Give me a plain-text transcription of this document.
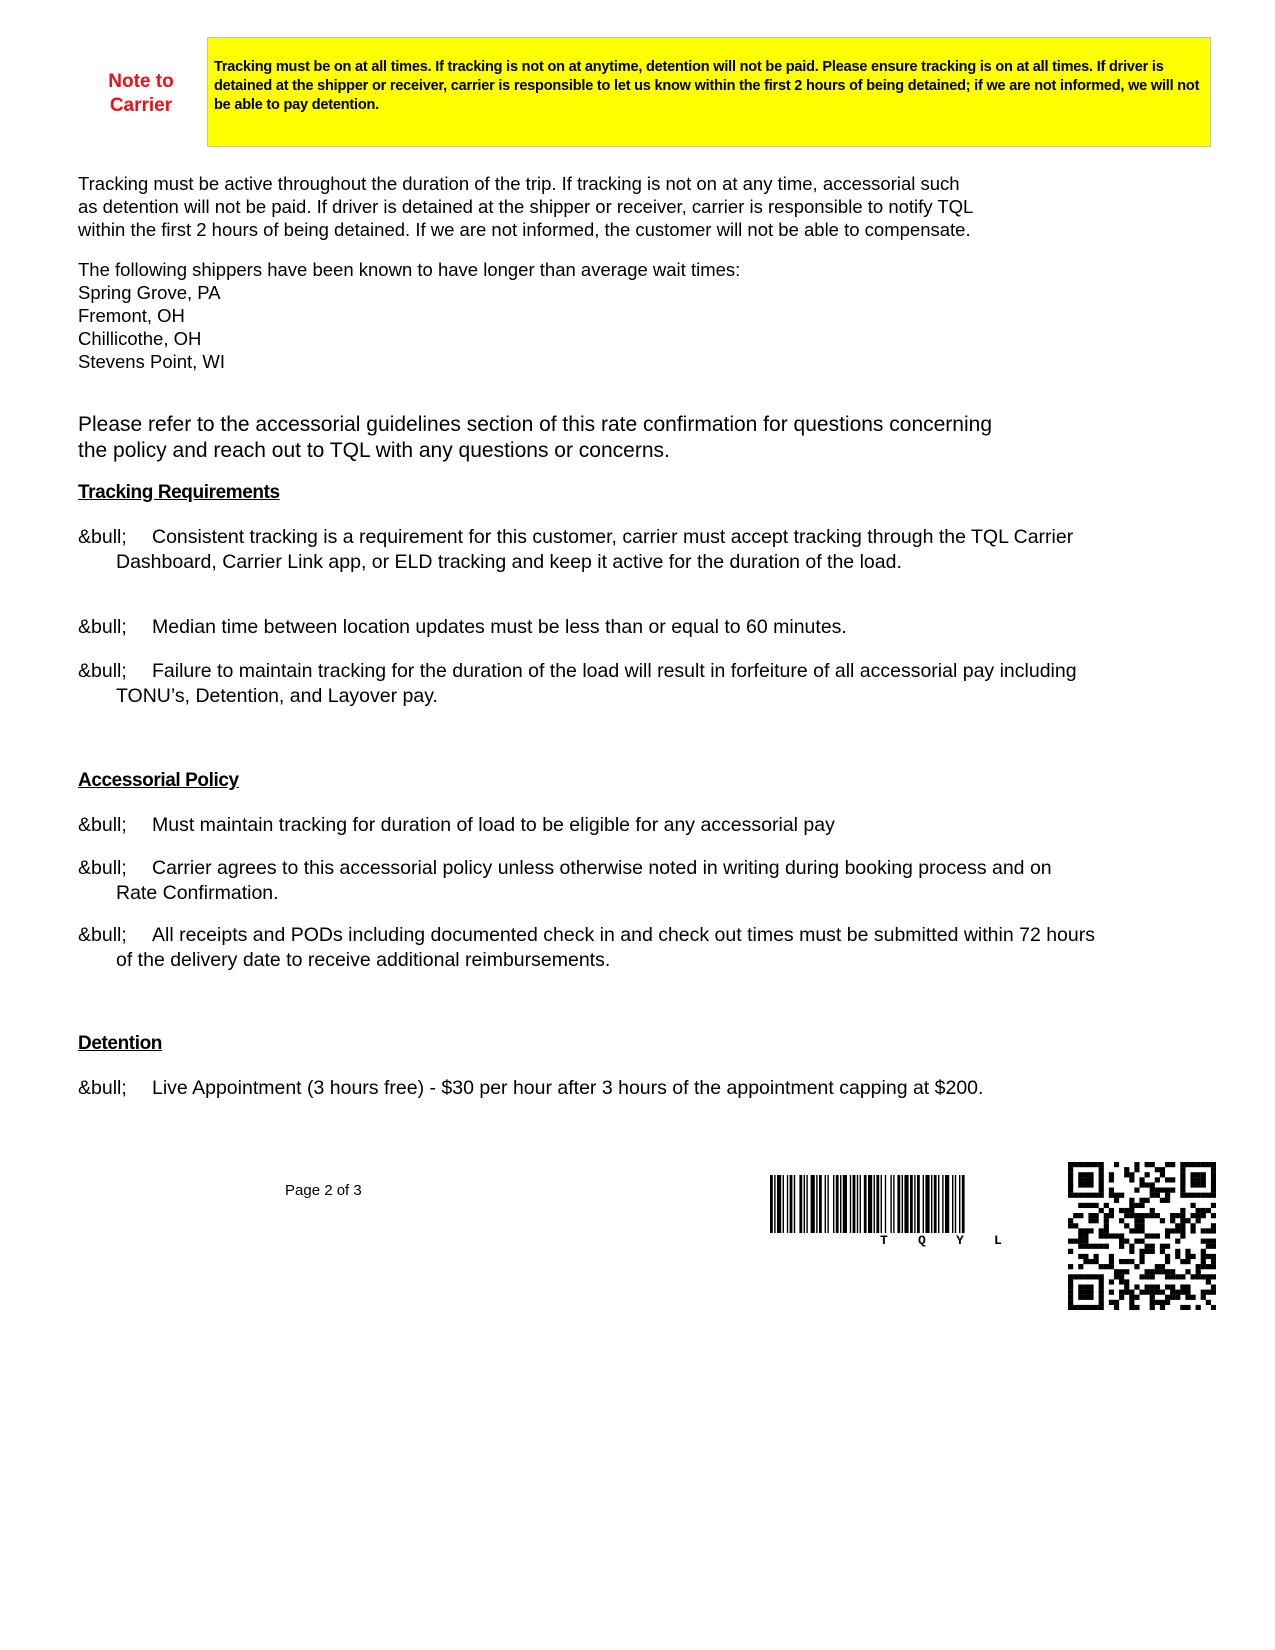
Note to
Carrier
Tracking must be on at all times. If tracking is not on at anytime, detention will not be paid. Please ensure tracking is on at all times. If driver is detained at the shipper or receiver, carrier is responsible to let us know within the first 2 hours of being detained; if we are not informed, we will not be able to pay detention.

Tracking must be active throughout the duration of the trip. If tracking is not on at any time, accessorial such
as detention will not be paid. If driver is detained at the shipper or receiver, carrier is responsible to notify TQL
within the first 2 hours of being detained. If we are not informed, the customer will not be able to compensate.

The following shippers have been known to have longer than average wait times:
Spring Grove, PA
Fremont, OH
Chillicothe, OH
Stevens Point, WI

Please refer to the accessorial guidelines section of this rate confirmation for questions concerning
the policy and reach out to TQL with any questions or concerns.

Tracking Requirements
&bull; Consistent tracking is a requirement for this customer, carrier must accept tracking through the TQL Carrier Dashboard, Carrier Link app, or ELD tracking and keep it active for the duration of the load.
&bull; Median time between location updates must be less than or equal to 60 minutes.
&bull; Failure to maintain tracking for the duration of the load will result in forfeiture of all accessorial pay including TONU’s, Detention, and Layover pay.
Accessorial Policy
&bull; Must maintain tracking for duration of load to be eligible for any accessorial pay
&bull; Carrier agrees to this accessorial policy unless otherwise noted in writing during booking process and on Rate Confirmation.
&bull; All receipts and PODs including documented check in and check out times must be submitted within 72 hours of the delivery date to receive additional reimbursements.
Detention
&bull; Live Appointment (3 hours free) - $30 per hour after 3 hours of the appointment capping at $200.
Page 2 of 3
T Q Y L
